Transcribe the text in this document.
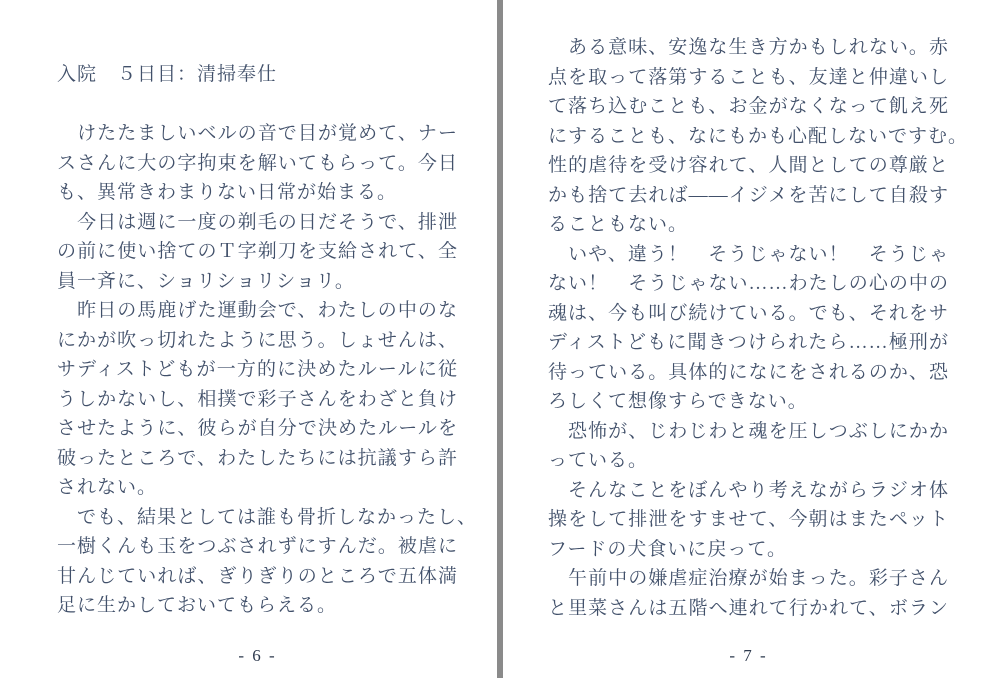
入院　５日目：清掃奉仕
　けたたましいベルの音で目が覚めて、ナー
スさんに大の字拘束を解いてもらって。今日
も、異常きわまりない日常が始まる。
　今日は週に一度の剃毛の日だそうで、排泄
の前に使い捨てのＴ字剃刀を支給されて、全
員一斉に、ショリショリショリ。
　昨日の馬鹿げた運動会で、わたしの中のな
にかが吹っ切れたように思う。しょせんは、
サディストどもが一方的に決めたルールに従
うしかないし、相撲で彩子さんをわざと負け
させたように、彼らが自分で決めたルールを
破ったところで、わたしたちには抗議すら許
されない。
　でも、結果としては誰も骨折しなかったし、
一樹くんも玉をつぶされずにすんだ。被虐に
甘んじていれば、ぎりぎりのところで五体満
足に生かしておいてもらえる。
- 6 -
　ある意味、安逸な生き方かもしれない。赤
点を取って落第することも、友達と仲違いし
て落ち込むことも、お金がなくなって飢え死
にすることも、なにもかも心配しないですむ。
性的虐待を受け容れて、人間としての尊厳と
かも捨て去れば——イジメを苦にして自殺す
ることもない。
　いや、違う！　そうじゃない！　そうじゃ
ない！　そうじゃない……わたしの心の中の
魂は、今も叫び続けている。でも、それをサ
ディストどもに聞きつけられたら……極刑が
待っている。具体的になにをされるのか、恐
ろしくて想像すらできない。
　恐怖が、じわじわと魂を圧しつぶしにかか
っている。
　そんなことをぼんやり考えながらラジオ体
操をして排泄をすませて、今朝はまたペット
フードの犬食いに戻って。
　午前中の嫌虐症治療が始まった。彩子さん
と里菜さんは五階へ連れて行かれて、ボラン
- 7 -
